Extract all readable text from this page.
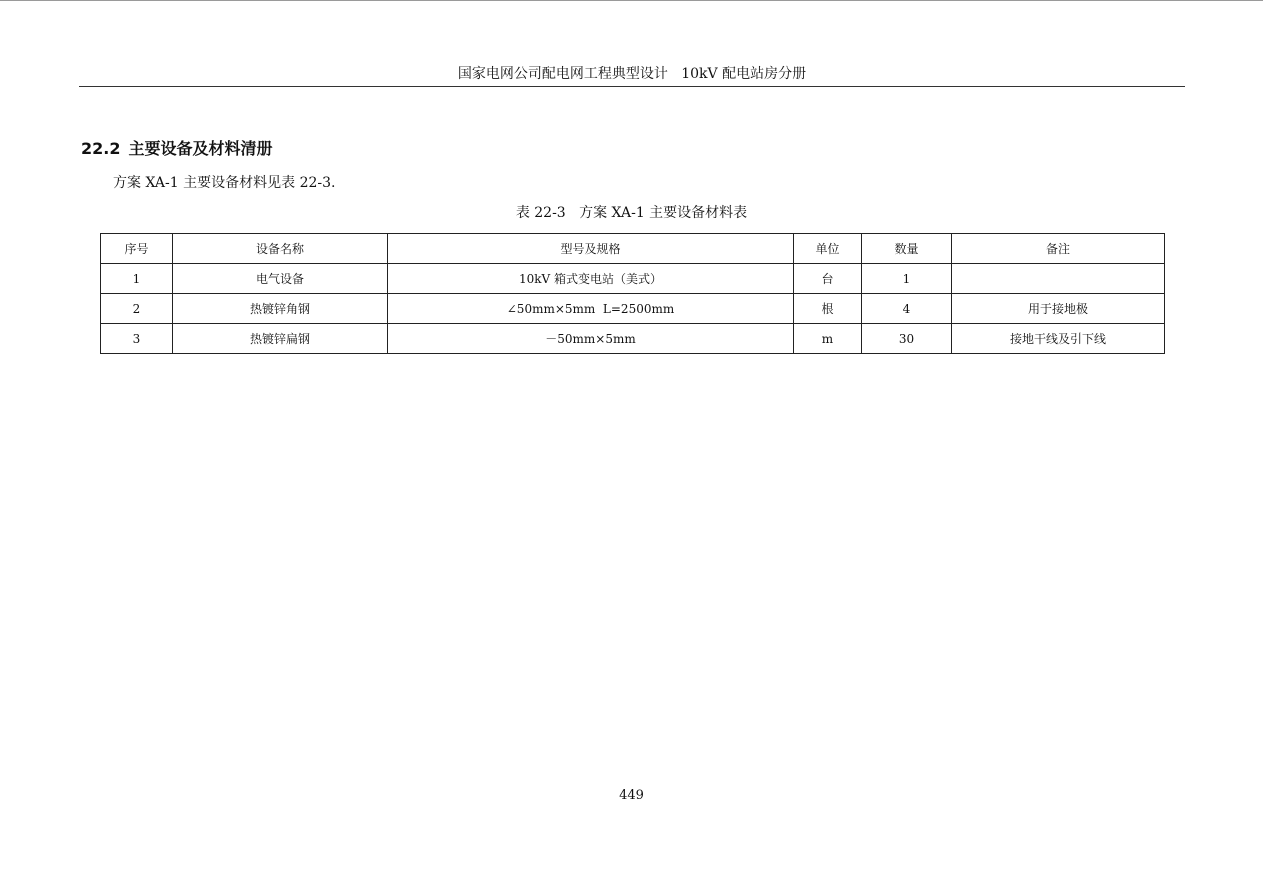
国家电网公司配电网工程典型设计   10kV 配电站房分册
22.2 主要设备及材料清册
方案 XA-1 主要设备材料见表 22-3.
表 22-3   方案 XA-1 主要设备材料表
序号	设备名称	型号及规格	单位	数量	备注
1	电气设备	10kV 箱式变电站（美式）	台	1	
2	热镀锌角钢	∠50mm×5mm  L=2500mm	根	4	用于接地极
3	热镀锌扁钢	－50mm×5mm	m	30	接地干线及引下线
449
